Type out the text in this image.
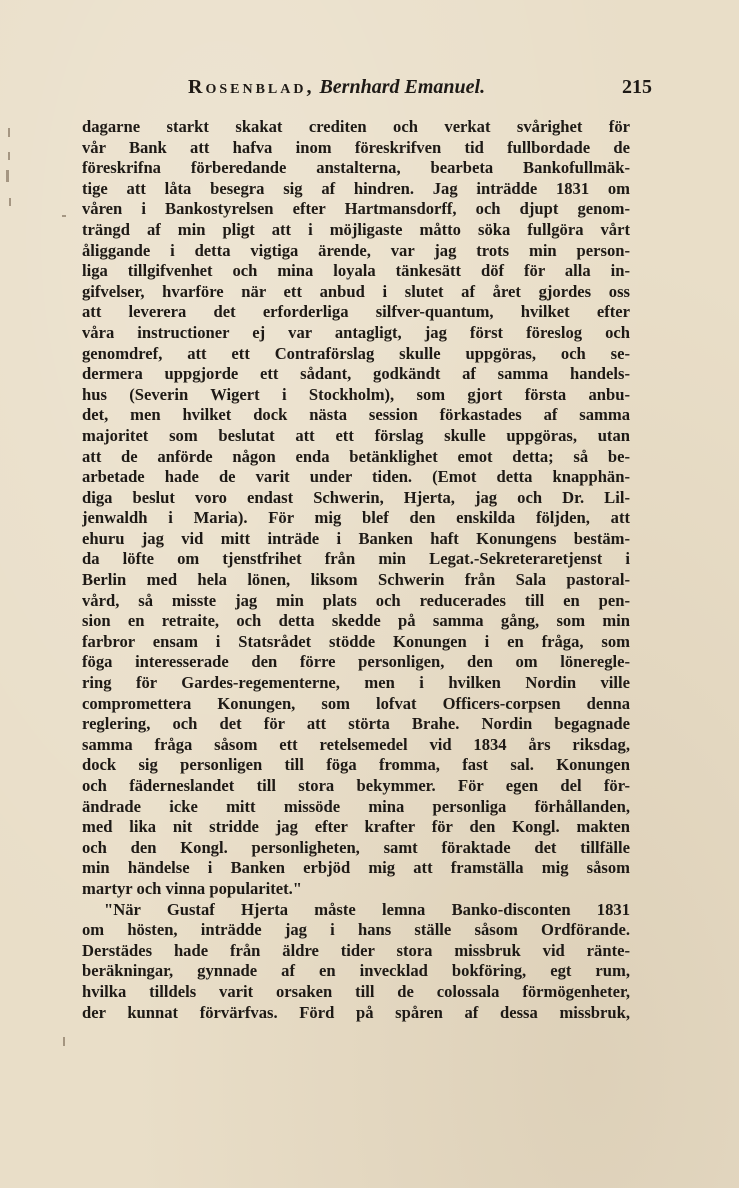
Rosenblad, Bernhard Emanuel.	215
dagarne starkt skakat crediten och verkat svårighet för
vår Bank att hafva inom föreskrifven tid fullbordade de
föreskrifna förberedande anstalterna, bearbeta Bankofullmäk-
tige att låta besegra sig af hindren. Jag inträdde 1831 om
våren i Bankostyrelsen efter Hartmansdorff, och djupt genom-
trängd af min pligt att i möjligaste måtto söka fullgöra vårt
åliggande i detta vigtiga ärende, var jag trots min person-
liga tillgifvenhet och mina loyala tänkesätt döf för alla in-
gifvelser, hvarföre när ett anbud i slutet af året gjordes oss
att leverera det erforderliga silfver-quantum, hvilket efter
våra instructioner ej var antagligt, jag först föreslog och
genomdref, att ett Contraförslag skulle uppgöras, och se-
dermera uppgjorde ett sådant, godkändt af samma handels-
hus (Severin Wigert i Stockholm), som gjort första anbu-
det, men hvilket dock nästa session förkastades af samma
majoritet som beslutat att ett förslag skulle uppgöras, utan
att de anförde någon enda betänklighet emot detta; så be-
arbetade hade de varit under tiden. (Emot detta knapphän-
diga beslut voro endast Schwerin, Hjerta, jag och Dr. Lil-
jenwaldh i Maria). För mig blef den enskilda följden, att
ehuru jag vid mitt inträde i Banken haft Konungens bestäm-
da löfte om tjenstfrihet från min Legat.-Sekreteraretjenst i
Berlin med hela lönen, liksom Schwerin från Sala pastoral-
vård, så misste jag min plats och reducerades till en pen-
sion en retraite, och detta skedde på samma gång, som min
farbror ensam i Statsrådet stödde Konungen i en fråga, som
föga interesserade den förre personligen, den om löneregle-
ring för Gardes-regementerne, men i hvilken Nordin ville
compromettera Konungen, som lofvat Officers-corpsen denna
reglering, och det för att störta Brahe. Nordin begagnade
samma fråga såsom ett retelsemedel vid 1834 års riksdag,
dock sig personligen till föga fromma, fast sal. Konungen
och fäderneslandet till stora bekymmer. För egen del för-
ändrade icke mitt missöde mina personliga förhållanden,
med lika nit stridde jag efter krafter för den Kongl. makten
och den Kongl. personligheten, samt föraktade det tillfälle
min händelse i Banken erbjöd mig att framställa mig såsom
martyr och vinna popularitet."
"När Gustaf Hjerta måste lemna Banko-disconten 1831
om hösten, inträdde jag i hans ställe såsom Ordförande.
Derstädes hade från äldre tider stora missbruk vid ränte-
beräkningar, gynnade af en invecklad bokföring, egt rum,
hvilka tilldels varit orsaken till de colossala förmögenheter,
der kunnat förvärfvas. Förd på spåren af dessa missbruk,
